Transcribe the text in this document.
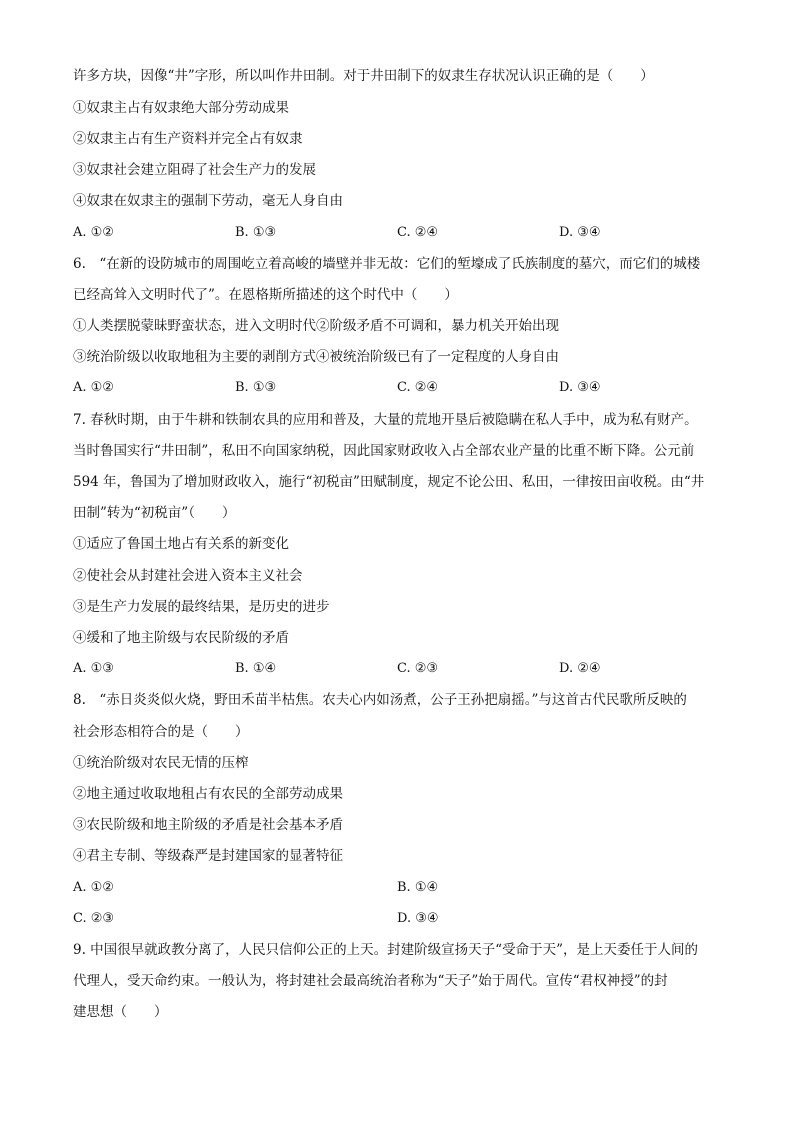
许多方块，因像“井”字形，所以叫作井田制。对于井田制下的奴隶生存状况认识正确的是（　　）
①奴隶主占有奴隶绝大部分劳动成果
②奴隶主占有生产资料并完全占有奴隶
③奴隶社会建立阻碍了社会生产力的发展
④奴隶在奴隶主的强制下劳动，毫无人身自由
A. ①②	B. ①③	C. ②④	D. ③④
6.　“在新的设防城市的周围屹立着高峻的墙壁并非无故：它们的堑壕成了氏族制度的墓穴，而它们的城楼
已经高耸入文明时代了”。在恩格斯所描述的这个时代中（　　）
①人类摆脱蒙昧野蛮状态，进入文明时代②阶级矛盾不可调和，暴力机关开始出现
③统治阶级以收取地租为主要的剥削方式④被统治阶级已有了一定程度的人身自由
A. ①②	B. ①③	C. ②④	D. ③④
7. 春秋时期，由于牛耕和铁制农具的应用和普及，大量的荒地开垦后被隐瞒在私人手中，成为私有财产。
当时鲁国实行“井田制”，私田不向国家纳税，因此国家财政收入占全部农业产量的比重不断下降。公元前
594 年，鲁国为了增加财政收入，施行“初税亩”田赋制度，规定不论公田、私田，一律按田亩收税。由“井
田制”转为“初税亩”（　　）
①适应了鲁国土地占有关系的新变化
②使社会从封建社会进入资本主义社会
③是生产力发展的最终结果，是历史的进步
④缓和了地主阶级与农民阶级的矛盾
A. ①③	B. ①④	C. ②③	D. ②④
8.　“赤日炎炎似火烧，野田禾苗半枯焦。农夫心内如汤煮，公子王孙把扇摇。”与这首古代民歌所反映的
社会形态相符合的是（　　）
①统治阶级对农民无情的压榨
②地主通过收取地租占有农民的全部劳动成果
③农民阶级和地主阶级的矛盾是社会基本矛盾
④君主专制、等级森严是封建国家的显著特征
A. ①②	B. ①④
C. ②③	D. ③④
9. 中国很早就政教分离了，人民只信仰公正的上天。封建阶级宣扬天子“受命于天”，是上天委任于人间的
代理人，受天命约束。一般认为，将封建社会最高统治者称为“天子”始于周代。宣传“君权神授”的封
建思想（　　）
